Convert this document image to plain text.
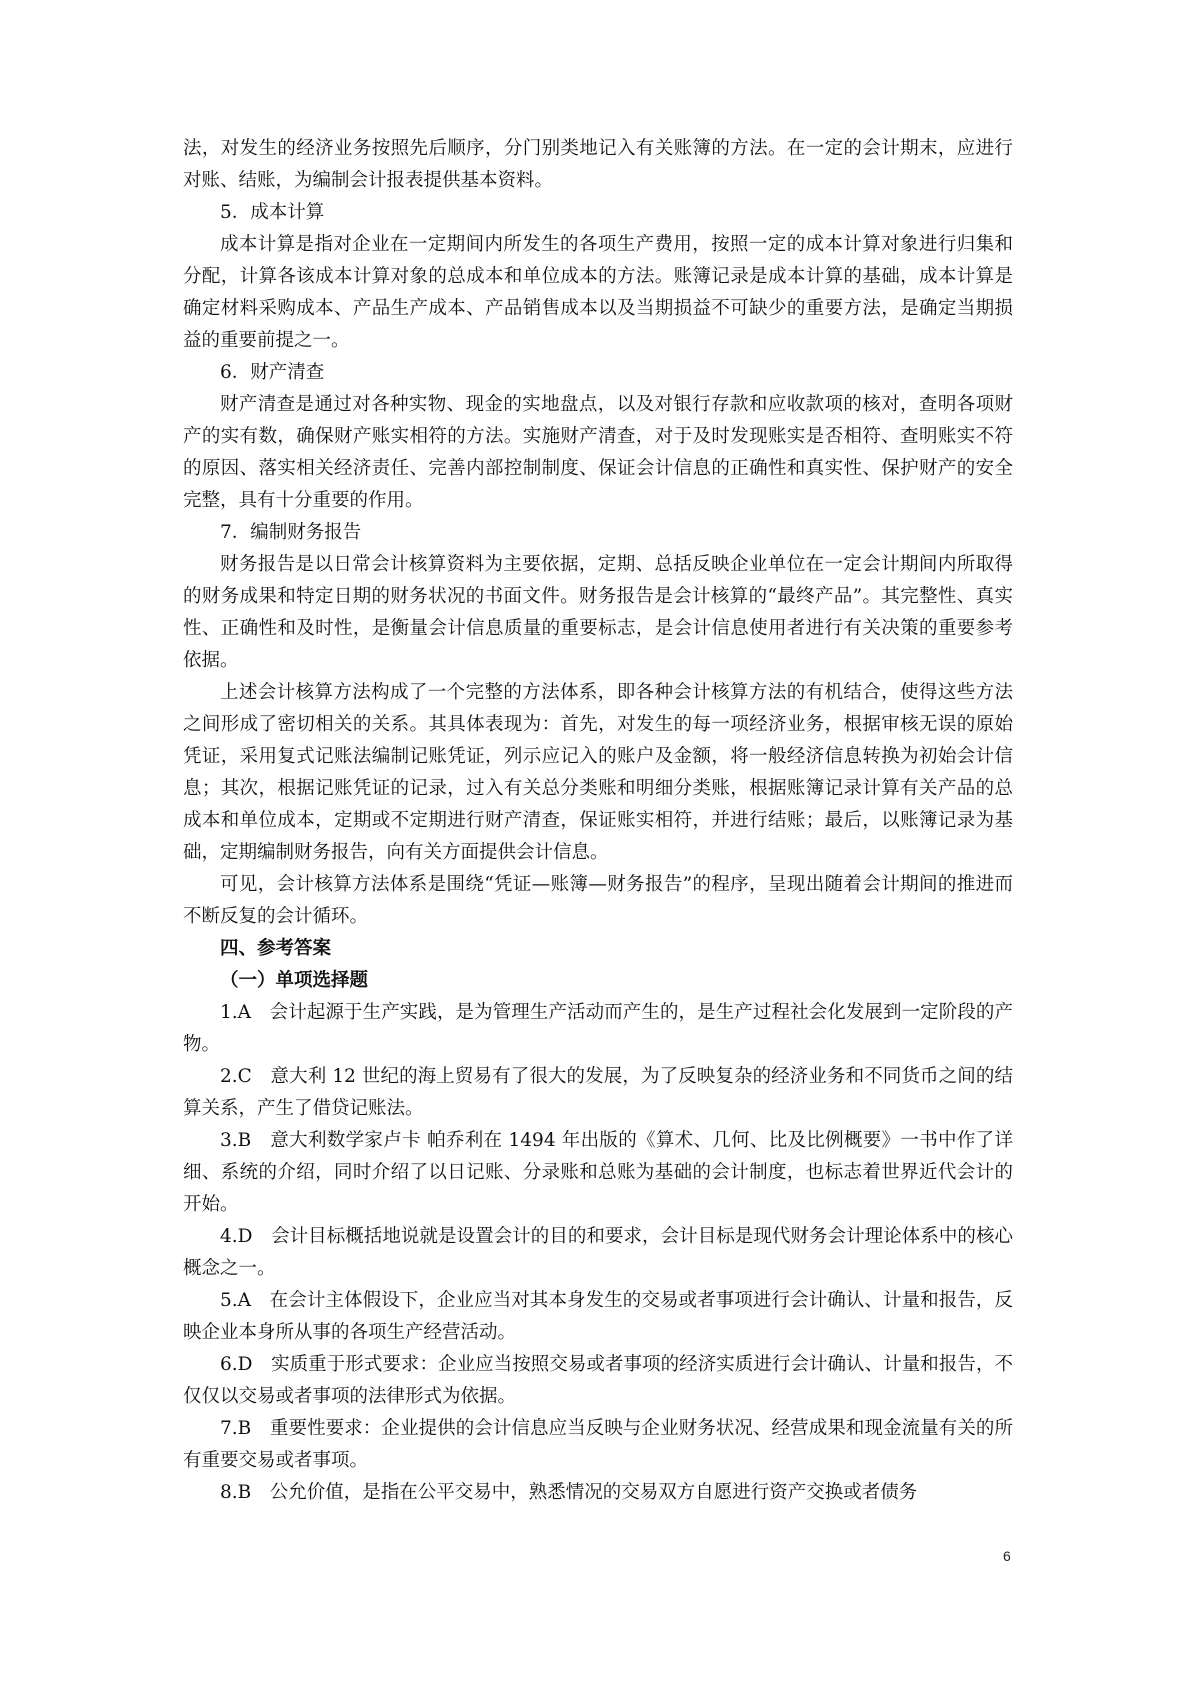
法，对发生的经济业务按照先后顺序，分门别类地记入有关账簿的方法。在一定的会计期末，应进行对账、结账，为编制会计报表提供基本资料。

5．成本计算

成本计算是指对企业在一定期间内所发生的各项生产费用，按照一定的成本计算对象进行归集和分配，计算各该成本计算对象的总成本和单位成本的方法。账簿记录是成本计算的基础，成本计算是确定材料采购成本、产品生产成本、产品销售成本以及当期损益不可缺少的重要方法，是确定当期损益的重要前提之一。

6．财产清查

财产清查是通过对各种实物、现金的实地盘点，以及对银行存款和应收款项的核对，查明各项财产的实有数，确保财产账实相符的方法。实施财产清查，对于及时发现账实是否相符、查明账实不符的原因、落实相关经济责任、完善内部控制制度、保证会计信息的正确性和真实性、保护财产的安全完整，具有十分重要的作用。

7．编制财务报告

财务报告是以日常会计核算资料为主要依据，定期、总括反映企业单位在一定会计期间内所取得的财务成果和特定日期的财务状况的书面文件。财务报告是会计核算的“最终产品”。其完整性、真实性、正确性和及时性，是衡量会计信息质量的重要标志，是会计信息使用者进行有关决策的重要参考依据。

上述会计核算方法构成了一个完整的方法体系，即各种会计核算方法的有机结合，使得这些方法之间形成了密切相关的关系。其具体表现为：首先，对发生的每一项经济业务，根据审核无误的原始凭证，采用复式记账法编制记账凭证，列示应记入的账户及金额，将一般经济信息转换为初始会计信息；其次，根据记账凭证的记录，过入有关总分类账和明细分类账，根据账簿记录计算有关产品的总成本和单位成本，定期或不定期进行财产清查，保证账实相符，并进行结账；最后，以账簿记录为基础，定期编制财务报告，向有关方面提供会计信息。

可见，会计核算方法体系是围绕“凭证—账簿—财务报告”的程序，呈现出随着会计期间的推进而不断反复的会计循环。

四、参考答案

（一）单项选择题

1.A　会计起源于生产实践，是为管理生产活动而产生的，是生产过程社会化发展到一定阶段的产物。

2.C　意大利 12 世纪的海上贸易有了很大的发展，为了反映复杂的经济业务和不同货币之间的结算关系，产生了借贷记账法。

3.B　意大利数学家卢卡 帕乔利在 1494 年出版的《算术、几何、比及比例概要》一书中作了详细、系统的介绍，同时介绍了以日记账、分录账和总账为基础的会计制度，也标志着世界近代会计的开始。

4.D　会计目标概括地说就是设置会计的目的和要求，会计目标是现代财务会计理论体系中的核心概念之一。

5.A　在会计主体假设下，企业应当对其本身发生的交易或者事项进行会计确认、计量和报告，反映企业本身所从事的各项生产经营活动。

6.D　实质重于形式要求：企业应当按照交易或者事项的经济实质进行会计确认、计量和报告，不仅仅以交易或者事项的法律形式为依据。

7.B　重要性要求：企业提供的会计信息应当反映与企业财务状况、经营成果和现金流量有关的所有重要交易或者事项。

8.B　公允价值，是指在公平交易中，熟悉情况的交易双方自愿进行资产交换或者债务

6
